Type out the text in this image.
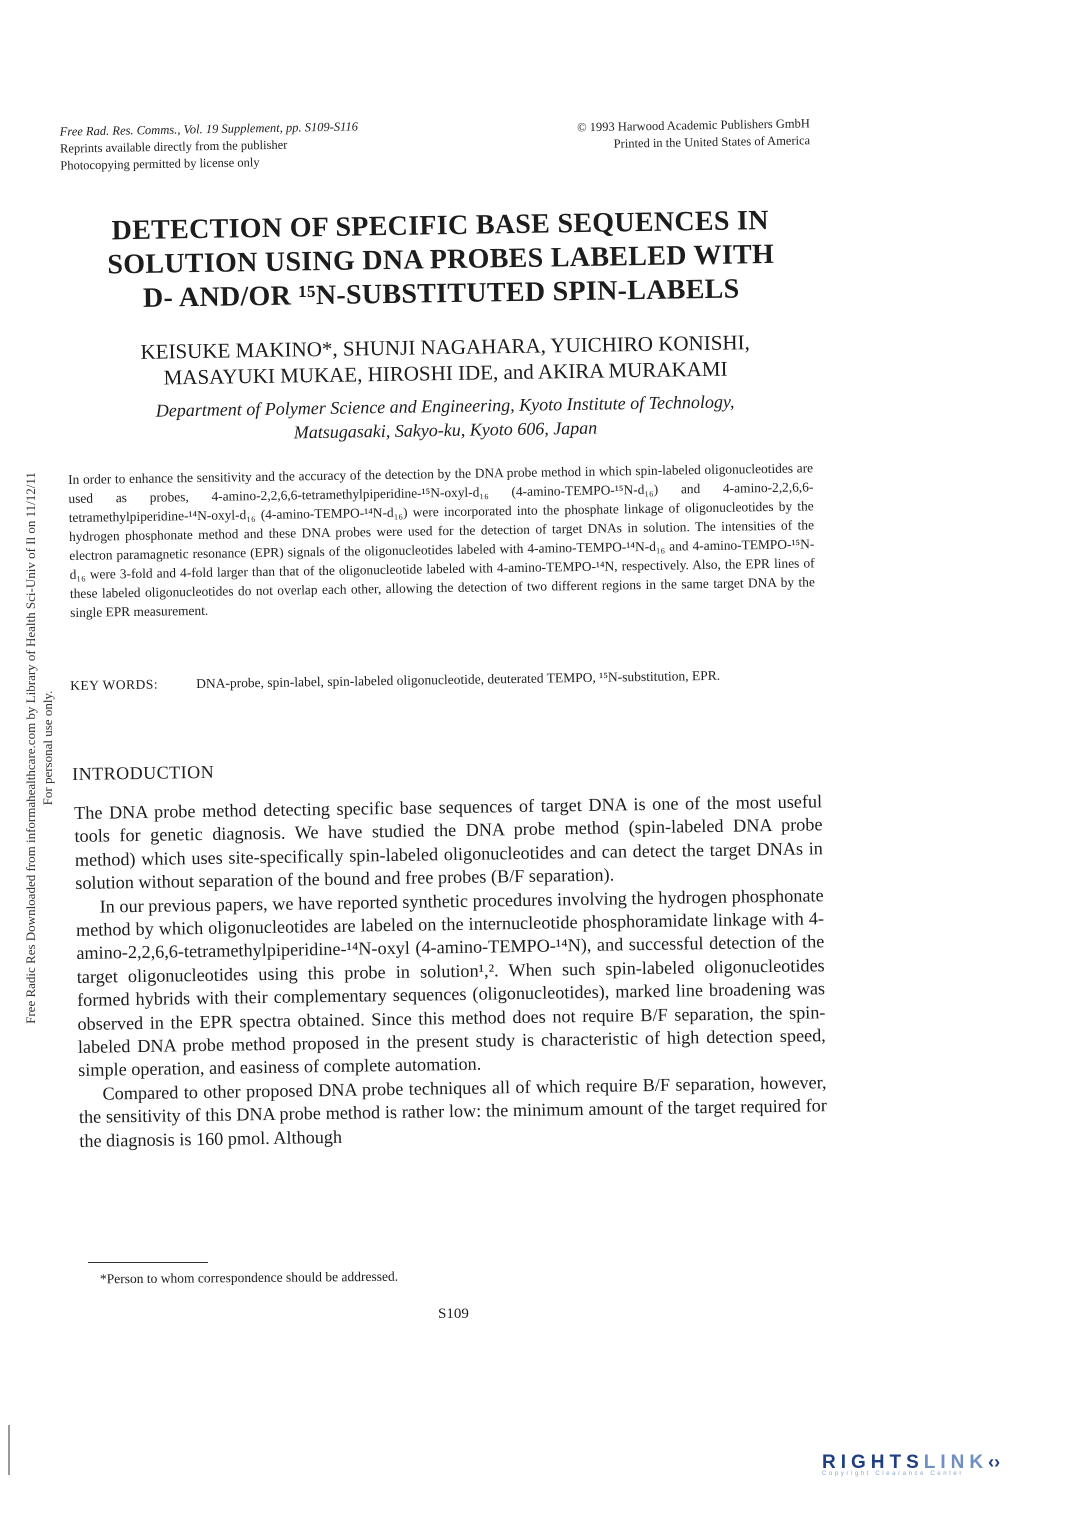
Free Rad. Res. Comms., Vol. 19 Supplement, pp. S109-S116
Reprints available directly from the publisher
Photocopying permitted by license only
© 1993 Harwood Academic Publishers GmbH
Printed in the United States of America
DETECTION OF SPECIFIC BASE SEQUENCES IN
SOLUTION USING DNA PROBES LABELED WITH
D- AND/OR ¹⁵N-SUBSTITUTED SPIN-LABELS
KEISUKE MAKINO*, SHUNJI NAGAHARA, YUICHIRO KONISHI,
MASAYUKI MUKAE, HIROSHI IDE, and AKIRA MURAKAMI
Department of Polymer Science and Engineering, Kyoto Institute of Technology,
Matsugasaki, Sakyo-ku, Kyoto 606, Japan
In order to enhance the sensitivity and the accuracy of the detection by the DNA probe method in which spin-labeled oligonucleotides are used as probes, 4-amino-2,2,6,6-tetramethylpiperidine-¹⁵N-oxyl-d₁₆ (4-amino-TEMPO-¹⁵N-d₁₆) and 4-amino-2,2,6,6-tetramethylpiperidine-¹⁴N-oxyl-d₁₆ (4-amino-TEMPO-¹⁴N-d₁₆) were incorporated into the phosphate linkage of oligonucleotides by the hydrogen phosphonate method and these DNA probes were used for the detection of target DNAs in solution. The intensities of the electron paramagnetic resonance (EPR) signals of the oligonucleotides labeled with 4-amino-TEMPO-¹⁴N-d₁₆ and 4-amino-TEMPO-¹⁵N-d₁₆ were 3-fold and 4-fold larger than that of the oligonucleotide labeled with 4-amino-TEMPO-¹⁴N, respectively. Also, the EPR lines of these labeled oligonucleotides do not overlap each other, allowing the detection of two different regions in the same target DNA by the single EPR measurement.
KEY WORDS:	DNA-probe, spin-label, spin-labeled oligonucleotide, deuterated TEMPO, ¹⁵N-substitution, EPR.
INTRODUCTION

The DNA probe method detecting specific base sequences of target DNA is one of the most useful tools for genetic diagnosis. We have studied the DNA probe method (spin-labeled DNA probe method) which uses site-specifically spin-labeled oligonucleotides and can detect the target DNAs in solution without separation of the bound and free probes (B/F separation).

In our previous papers, we have reported synthetic procedures involving the hydrogen phosphonate method by which oligonucleotides are labeled on the internucleotide phosphoramidate linkage with 4-amino-2,2,6,6-tetramethylpiperidine-¹⁴N-oxyl (4-amino-TEMPO-¹⁴N), and successful detection of the target oligonucleotides using this probe in solution¹,². When such spin-labeled oligonucleotides formed hybrids with their complementary sequences (oligonucleotides), marked line broadening was observed in the EPR spectra obtained. Since this method does not require B/F separation, the spin-labeled DNA probe method proposed in the present study is characteristic of high detection speed, simple operation, and easiness of complete automation.

Compared to other proposed DNA probe techniques all of which require B/F separation, however, the sensitivity of this DNA probe method is rather low: the minimum amount of the target required for the diagnosis is 160 pmol. Although

*Person to whom correspondence should be addressed.
S109
Free Radic Res Downloaded from informahealthcare.com by Library of Health Sci-Univ of Il on 11/12/11 For personal use only.
RIGHTSLINK‹›
Copyright Clearance Center
